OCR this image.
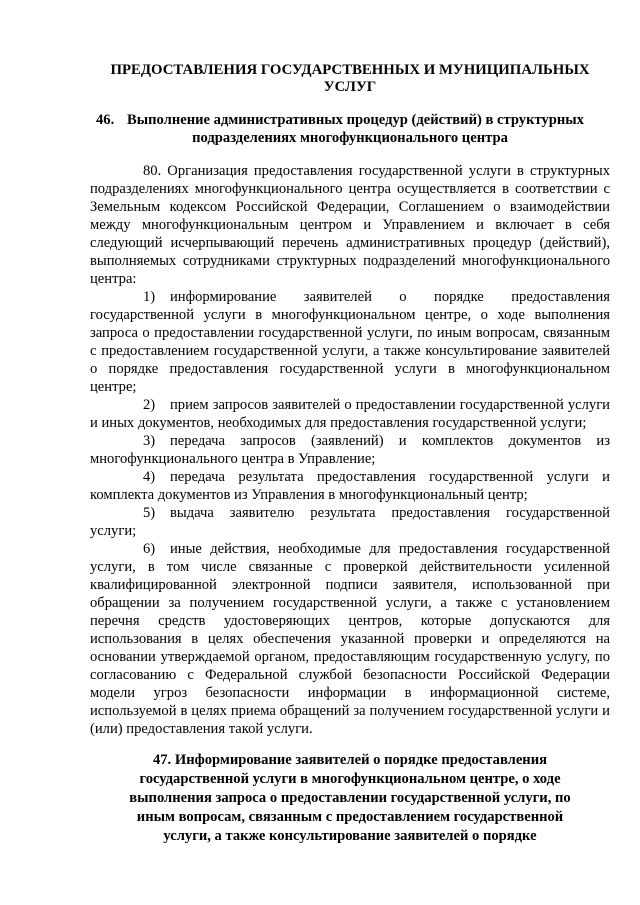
ПРЕДОСТАВЛЕНИЯ ГОСУДАРСТВЕННЫХ И МУНИЦИПАЛЬНЫХ
УСЛУГ
46. Выполнение административных процедур (действий) в структурных
подразделениях многофункционального центра

80. Организация предоставления государственной услуги в структурных подразделениях многофункционального центра осуществляется в соответствии с Земельным кодексом Российской Федерации, Соглашением о взаимодействии между многофункциональным центром и Управлением и включает в себя следующий исчерпывающий перечень административных процедур (действий), выполняемых сотрудниками структурных подразделений многофункционального центра:

1) информирование заявителей о порядке предоставления государственной услуги в многофункциональном центре, о ходе выполнения запроса о предоставлении государственной услуги, по иным вопросам, связанным с предоставлением государственной услуги, а также консультирование заявителей о порядке предоставления государственной услуги в многофункциональном центре;

2) прием запросов заявителей о предоставлении государственной услуги и иных документов, необходимых для предоставления государственной услуги;

3) передача запросов (заявлений) и комплектов документов из многофункционального центра в Управление;

4) передача результата предоставления государственной услуги и комплекта документов из Управления в многофункциональный центр;

5) выдача заявителю результата предоставления государственной услуги;

6) иные действия, необходимые для предоставления государственной услуги, в том числе связанные с проверкой действительности усиленной квалифицированной электронной подписи заявителя, использованной при обращении за получением государственной услуги, а также с установлением перечня средств удостоверяющих центров, которые допускаются для использования в целях обеспечения указанной проверки и определяются на основании утверждаемой органом, предоставляющим государственную услугу, по согласованию с Федеральной службой безопасности Российской Федерации модели угроз безопасности информации в информационной системе, используемой в целях приема обращений за получением государственной услуги и (или) предоставления такой услуги.

47. Информирование заявителей о порядке предоставления
государственной услуги в многофункциональном центре, о ходе
выполнения запроса о предоставлении государственной услуги, по
иным вопросам, связанным с предоставлением государственной
услуги, а также консультирование заявителей о порядке
